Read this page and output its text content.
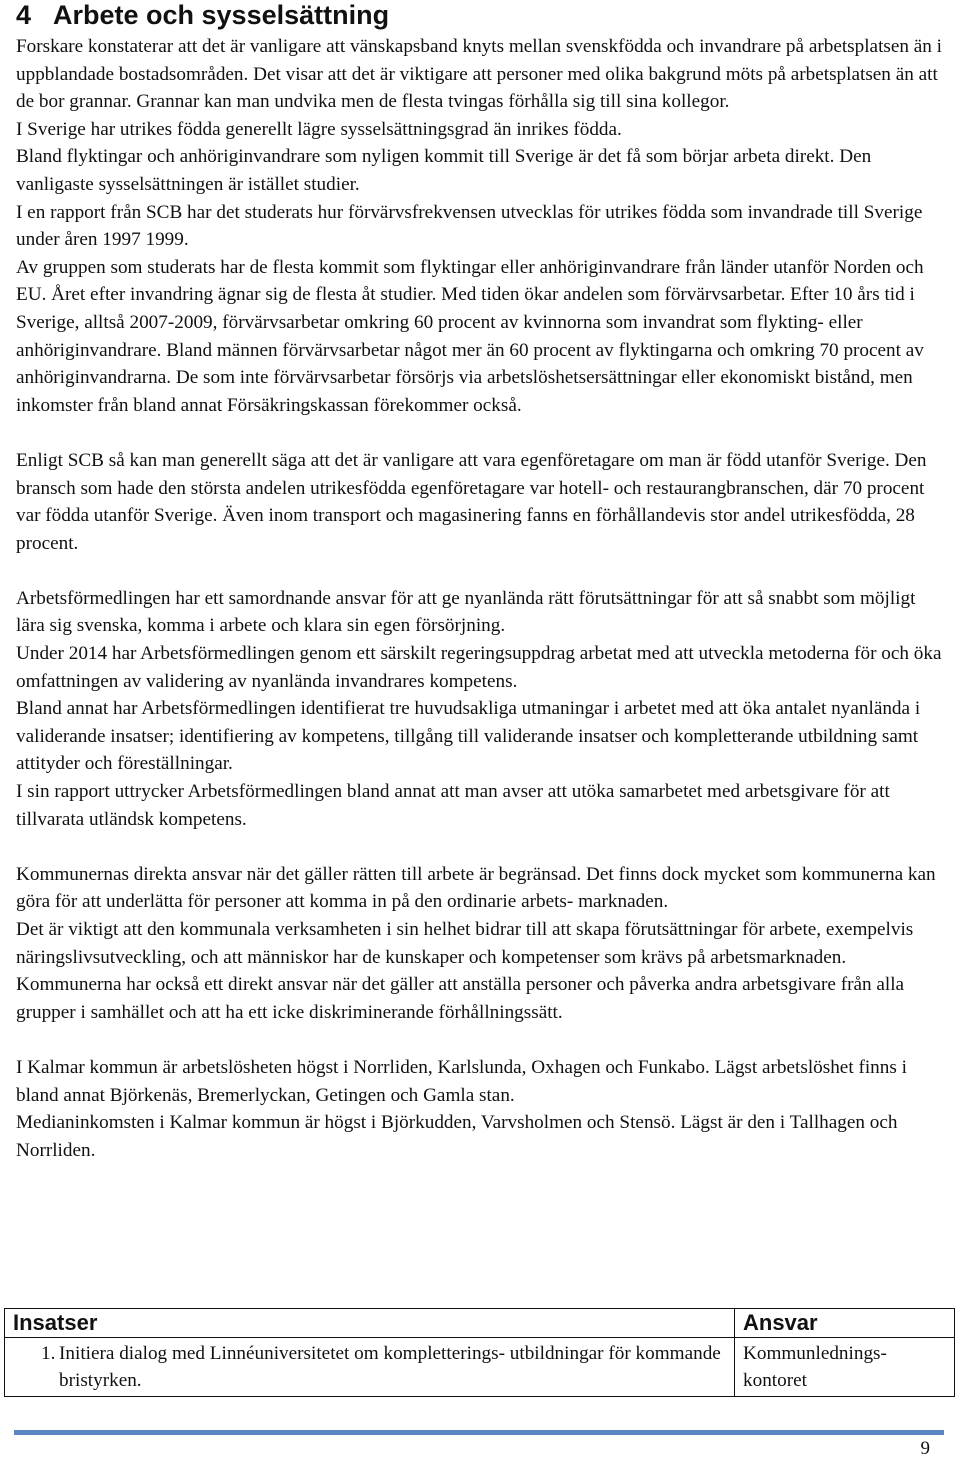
4 Arbete och sysselsättning

Forskare konstaterar att det är vanligare att vänskapsband knyts mellan svenskfödda och invandrare på arbetsplatsen än i uppblandade bostadsområden. Det visar att det är viktigare att personer med olika bakgrund möts på arbetsplatsen än att de bor grannar. Grannar kan man undvika men de flesta tvingas förhålla sig till sina kollegor.

I Sverige har utrikes födda generellt lägre sysselsättningsgrad än inrikes födda.

Bland flyktingar och anhöriginvandrare som nyligen kommit till Sverige är det få som börjar arbeta direkt. Den vanligaste sysselsättningen är istället studier.

I en rapport från SCB har det studerats hur förvärvsfrekvensen utvecklas för utrikes födda som invandrade till Sverige under åren 1997 1999.

Av gruppen som studerats har de flesta kommit som flyktingar eller anhöriginvandrare från länder utanför Norden och EU. Året efter invandring ägnar sig de flesta åt studier. Med tiden ökar andelen som förvärvsarbetar. Efter 10 års tid i Sverige, alltså 2007-2009, förvärvsarbetar omkring 60 procent av kvinnorna som invandrat som flykting- eller anhöriginvandrare. Bland männen förvärvsarbetar något mer än 60 procent av flyktingarna och omkring 70 procent av anhöriginvandrarna. De som inte förvärvsarbetar försörjs via arbetslöshetsersättningar eller ekonomiskt bistånd, men inkomster från bland annat Försäkringskassan förekommer också.

Enligt SCB så kan man generellt säga att det är vanligare att vara egenföretagare om man är född utanför Sverige. Den bransch som hade den största andelen utrikesfödda egenföretagare var hotell- och restaurangbranschen, där 70 procent var födda utanför Sverige. Även inom transport och magasinering fanns en förhållandevis stor andel utrikesfödda, 28 procent.

Arbetsförmedlingen har ett samordnande ansvar för att ge nyanlända rätt förutsättningar för att så snabbt som möjligt lära sig svenska, komma i arbete och klara sin egen försörjning.

Under 2014 har Arbetsförmedlingen genom ett särskilt regeringsuppdrag arbetat med att utveckla metoderna för och öka omfattningen av validering av nyanlända invandrares kompetens.

Bland annat har Arbetsförmedlingen identifierat tre huvudsakliga utmaningar i arbetet med att öka antalet nyanlända i validerande insatser; identifiering av kompetens, tillgång till validerande insatser och kompletterande utbildning samt attityder och föreställningar.

I sin rapport uttrycker Arbetsförmedlingen bland annat att man avser att utöka samarbetet med arbetsgivare för att tillvarata utländsk kompetens.

Kommunernas direkta ansvar när det gäller rätten till arbete är begränsad. Det finns dock mycket som kommunerna kan göra för att underlätta för personer att komma in på den ordinarie arbets- marknaden.

Det är viktigt att den kommunala verksamheten i sin helhet bidrar till att skapa förutsättningar för arbete, exempelvis näringslivsutveckling, och att människor har de kunskaper och kompetenser som krävs på arbetsmarknaden. Kommunerna har också ett direkt ansvar när det gäller att anställa personer och påverka andra arbetsgivare från alla grupper i samhället och att ha ett icke diskriminerande förhållningssätt.

I Kalmar kommun är arbetslösheten högst i Norrliden, Karlslunda, Oxhagen och Funkabo. Lägst arbetslöshet finns i bland annat Björkenäs, Bremerlyckan, Getingen och Gamla stan.

Medianinkomsten i Kalmar kommun är högst i Björkudden, Varvsholmen och Stensö. Lägst är den i Tallhagen och Norrliden.

Insatser	Ansvar

1. Initiera dialog med Linnéuniversitetet om kompletterings- utbildningar för kommande bristyrken.	Kommunlednings- kontoret
9
